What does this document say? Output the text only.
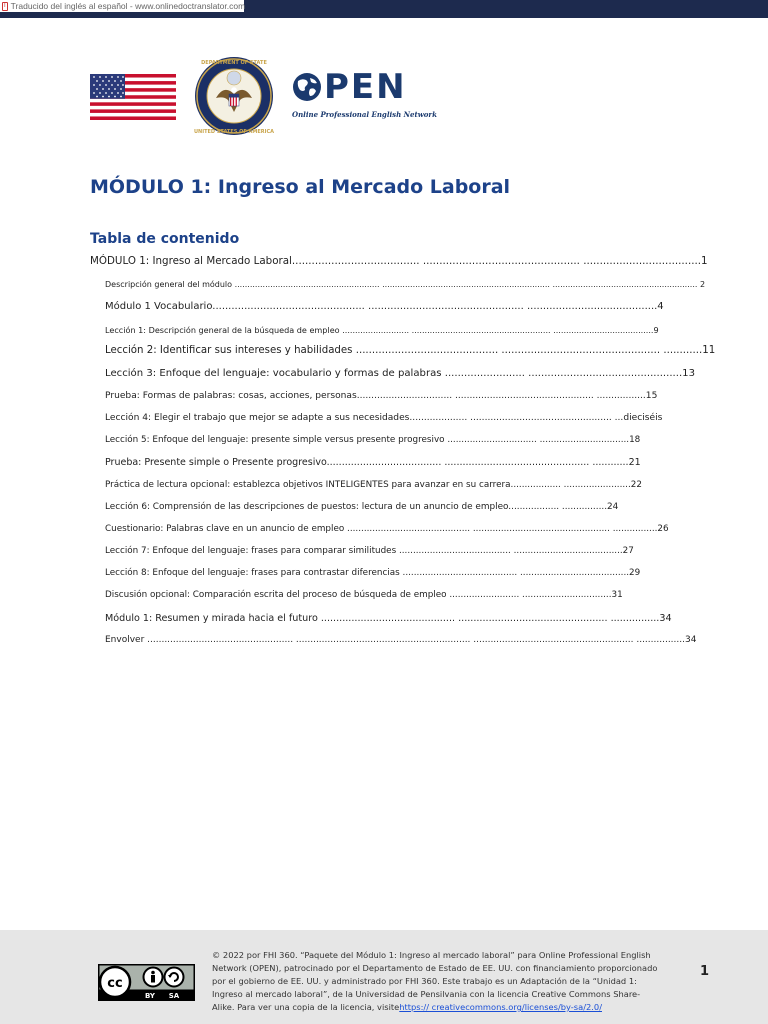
T Traducido del inglés al español - www.onlinedoctranslator.com
DEPARTMENT OF STATE
UNITED STATES OF AMERICA
PEN
Online Professional English Network
MÓDULO 1: Ingreso al Mercado Laboral
Tabla de contenido
MÓDULO 1: Ingreso al Mercado Laboral....................................... ................................................ ....................................1
Descripción general del módulo ......................................................... .................................................................. ......................................................... 2
Módulo 1 Vocabulario................................................ ................................................. .........................................4
Lección 1: Descripción general de la búsqueda de empleo .......................... ...................................................... .......................................9
Lección 2: Identificar sus intereses y habilidades ............................................ ................................................. ............11
Lección 3: Enfoque del lenguaje: vocabulario y formas de palabras ......................... ................................................13
Prueba: Formas de palabras: cosas, acciones, personas................................. ................................................ .................15
Lección 4: Elegir el trabajo que mejor se adapte a sus necesidades.................... ................................................. ...dieciséis
Lección 5: Enfoque del lenguaje: presente simple versus presente progresivo ................................ ................................18
Prueba: Presente simple o Presente progresivo...................................... ................................................ ............21
Práctica de lectura opcional: establezca objetivos INTELIGENTES para avanzar en su carrera.................. ........................22
Lección 6: Comprensión de las descripciones de puestos: lectura de un anuncio de empleo.................. ................24
Cuestionario: Palabras clave en un anuncio de empleo ............................................ ................................................. ................26
Lección 7: Enfoque del lenguaje: frases para comparar similitudes ........................................ .......................................27
Lección 8: Enfoque del lenguaje: frases para contrastar diferencias ......................................... .......................................29
Discusión opcional: Comparación escrita del proceso de búsqueda de empleo ......................... ................................31
Módulo 1: Resumen y mirada hacia el futuro ............................................ ................................................. ................34
Envolver ................................................... ............................................................. ........................................................ .................34
cc
BY SA
© 2022 por FHI 360. “Paquete del Módulo 1: Ingreso al mercado laboral” para Online Professional English Network (OPEN), patrocinado por el Departamento de Estado de EE. UU. con financiamiento proporcionado por el gobierno de EE. UU. y administrado por FHI 360. Este trabajo es un Adaptación de la “Unidad 1: Ingreso al mercado laboral”, de la Universidad de Pensilvania con la licencia Creative Commons Share-Alike. Para ver una copia de la licencia, visitehttps:// creativecommons.org/licenses/by-sa/2.0/
1
